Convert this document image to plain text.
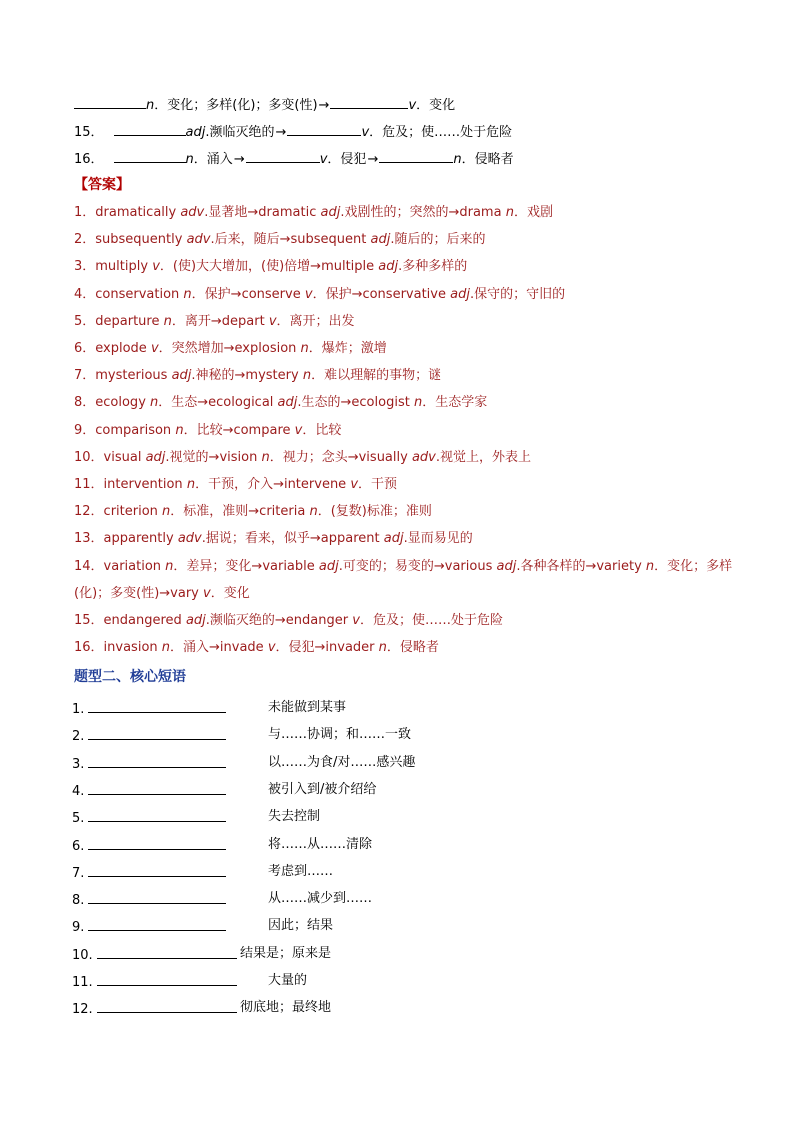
n．变化；多样(化)；多变(性)→	v．变化
15．	adj.濒临灭绝的→	v．危及；使……处于危险
16．	n．涌入→	v．侵犯→	n．侵略者
【答案】
1．dramatically adv.显著地→dramatic adj.戏剧性的；突然的→drama n．戏剧
2．subsequently adv.后来，随后→subsequent adj.随后的；后来的
3．multiply v．(使)大大增加，(使)倍增→multiple adj.多种多样的
4．conservation n．保护→conserve v．保护→conservative adj.保守的；守旧的
5．departure n．离开→depart v．离开；出发
6．explode v．突然增加→explosion n．爆炸；激增
7．mysterious adj.神秘的→mystery n．难以理解的事物；谜
8．ecology n．生态→ecological adj.生态的→ecologist n．生态学家
9．comparison n．比较→compare v．比较
10．visual adj.视觉的→vision n．视力；念头→visually adv.视觉上，外表上
11．intervention n．干预，介入→intervene v．干预
12．criterion n．标准，准则→criteria n．(复数)标准；准则
13．apparently adv.据说；看来，似乎→apparent adj.显而易见的
14．variation n．差异；变化→variable adj.可变的；易变的→various adj.各种各样的→variety n．变化；多样
(化)；多变(性)→vary v．变化
15．endangered adj.濒临灭绝的→endanger v．危及；使……处于危险
16．invasion n．涌入→invade v．侵犯→invader n．侵略者
题型二、核心短语
1.	未能做到某事
2.	与……协调；和……一致
3.	以……为食/对……感兴趣
4.	被引入到/被介绍给
5.	失去控制
6.	将……从……清除
7.	考虑到……
8.	从……减少到……
9.	因此；结果
10.	结果是；原来是
11.	大量的
12.	彻底地；最终地
